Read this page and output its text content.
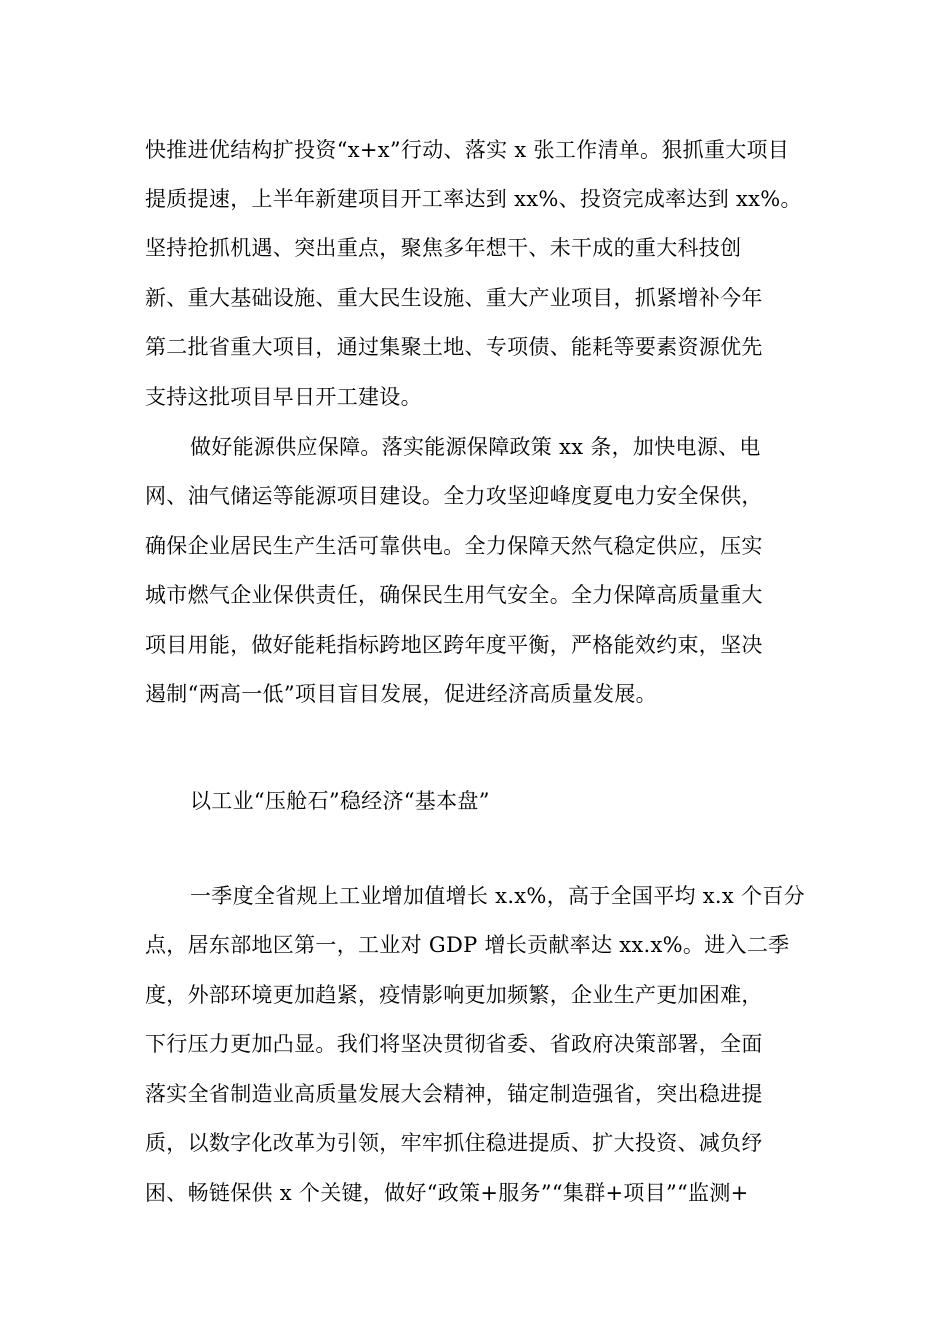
快推进优结构扩投资“x+x”行动、落实 x 张工作清单。狠抓重大项目
提质提速，上半年新建项目开工率达到 xx%、投资完成率达到 xx%。
坚持抢抓机遇、突出重点，聚焦多年想干、未干成的重大科技创
新、重大基础设施、重大民生设施、重大产业项目，抓紧增补今年
第二批省重大项目，通过集聚土地、专项债、能耗等要素资源优先
支持这批项目早日开工建设。
做好能源供应保障。落实能源保障政策 xx 条，加快电源、电
网、油气储运等能源项目建设。全力攻坚迎峰度夏电力安全保供，
确保企业居民生产生活可靠供电。全力保障天然气稳定供应，压实
城市燃气企业保供责任，确保民生用气安全。全力保障高质量重大
项目用能，做好能耗指标跨地区跨年度平衡，严格能效约束，坚决
遏制“两高一低”项目盲目发展，促进经济高质量发展。
以工业“压舱石”稳经济“基本盘”
一季度全省规上工业增加值增长 x.x%，高于全国平均 x.x 个百分
点，居东部地区第一，工业对 GDP 增长贡献率达 xx.x%。进入二季
度，外部环境更加趋紧，疫情影响更加频繁，企业生产更加困难，
下行压力更加凸显。我们将坚决贯彻省委、省政府决策部署，全面
落实全省制造业高质量发展大会精神，锚定制造强省，突出稳进提
质，以数字化改革为引领，牢牢抓住稳进提质、扩大投资、减负纾
困、畅链保供 x 个关键，做好“政策+服务”“集群+项目”“监测+
